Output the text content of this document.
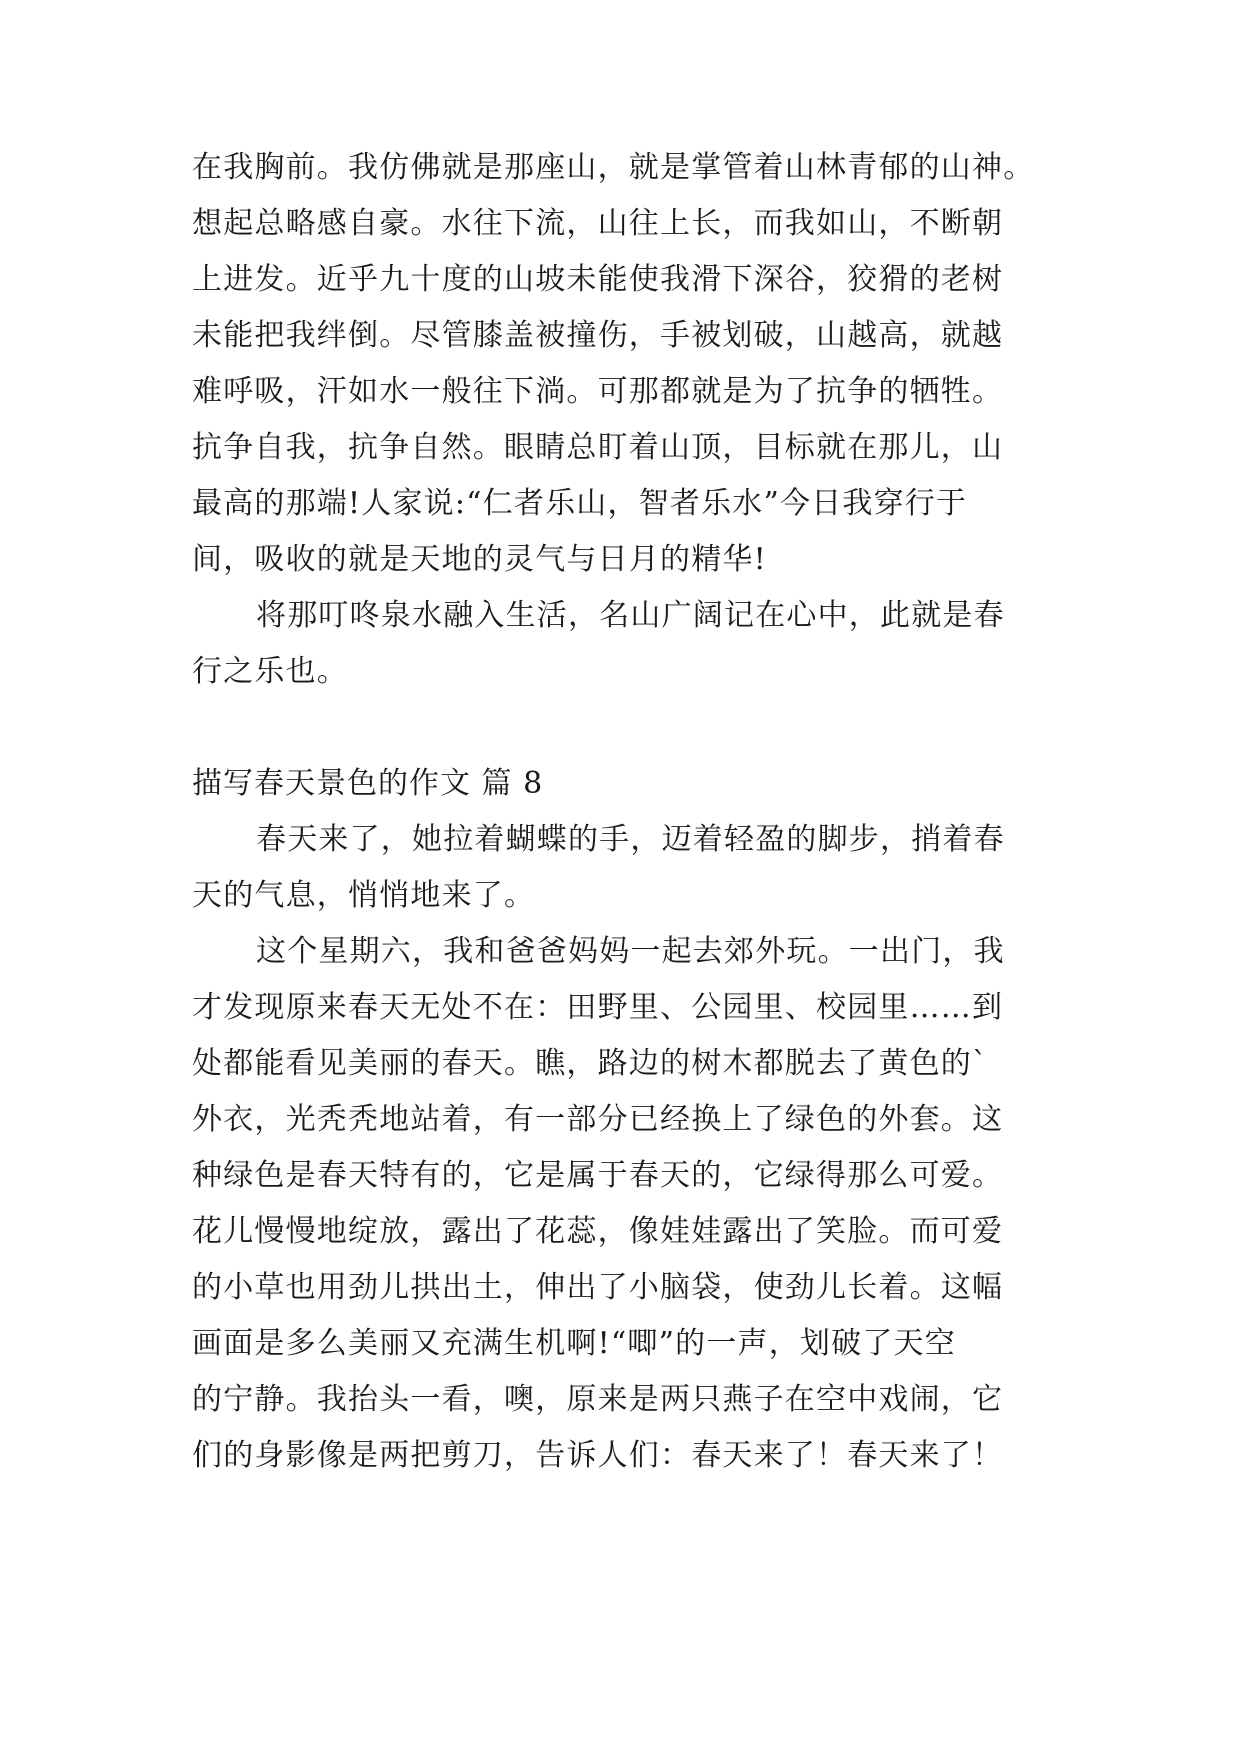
在我胸前。我仿佛就是那座山，就是掌管着山林青郁的山神。
想起总略感自豪。水往下流，山往上长，而我如山，不断朝
上进发。近乎九十度的山坡未能使我滑下深谷，狡猾的老树
未能把我绊倒。尽管膝盖被撞伤，手被划破，山越高，就越
难呼吸，汗如水一般往下淌。可那都就是为了抗争的牺牲。
抗争自我，抗争自然。眼睛总盯着山顶，目标就在那儿，山
最高的那端!人家说:“仁者乐山，智者乐水”今日我穿行于
间，吸收的就是天地的灵气与日月的精华!
将那叮咚泉水融入生活，名山广阔记在心中，此就是春
行之乐也。
描写春天景色的作文 篇 8
春天来了，她拉着蝴蝶的手，迈着轻盈的脚步，捎着春
天的气息，悄悄地来了。
这个星期六，我和爸爸妈妈一起去郊外玩。一出门，我
才发现原来春天无处不在：田野里、公园里、校园里……到
处都能看见美丽的春天。瞧，路边的树木都脱去了黄色的`
外衣，光秃秃地站着，有一部分已经换上了绿色的外套。这
种绿色是春天特有的，它是属于春天的，它绿得那么可爱。
花儿慢慢地绽放，露出了花蕊，像娃娃露出了笑脸。而可爱
的小草也用劲儿拱出土，伸出了小脑袋，使劲儿长着。这幅
画面是多么美丽又充满生机啊!“唧”的一声，划破了天空
的宁静。我抬头一看，噢，原来是两只燕子在空中戏闹，它
们的身影像是两把剪刀，告诉人们：春天来了！春天来了！
